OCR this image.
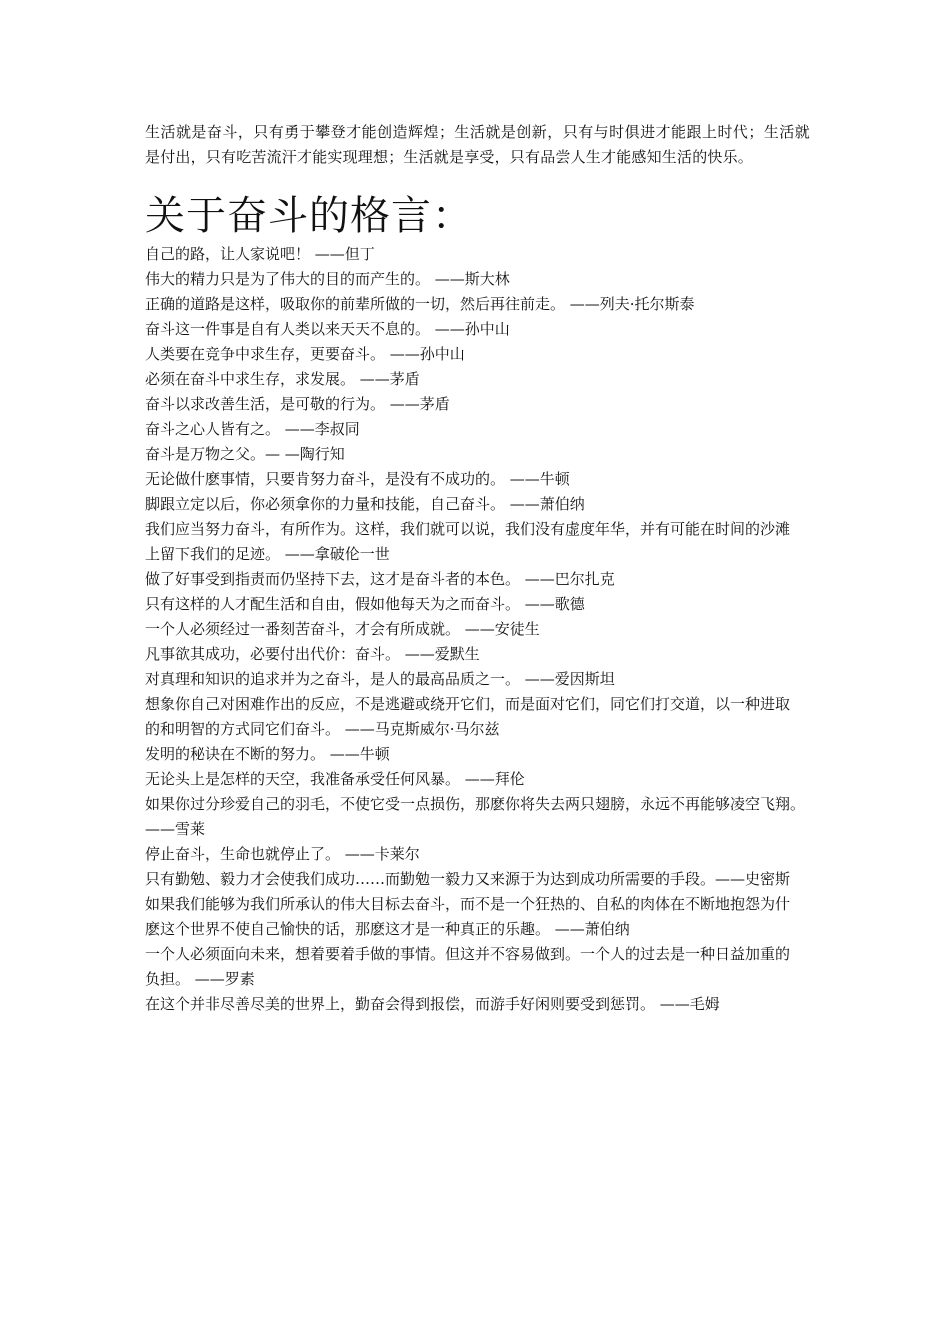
生活就是奋斗，只有勇于攀登才能创造辉煌；生活就是创新，只有与时俱进才能跟上时代；生活就是付出，只有吃苦流汗才能实现理想；生活就是享受，只有品尝人生才能感知生活的快乐。

关于奋斗的格言：
自己的路，让人家说吧！ ——但丁
伟大的精力只是为了伟大的目的而产生的。 ——斯大林
正确的道路是这样，吸取你的前辈所做的一切，然后再往前走。 ——列夫·托尔斯泰
奋斗这一件事是自有人类以来天天不息的。 ——孙中山
人类要在竞争中求生存，更要奋斗。 ——孙中山
必须在奋斗中求生存，求发展。 ——茅盾
奋斗以求改善生活，是可敬的行为。 ——茅盾
奋斗之心人皆有之。 ——李叔同
奋斗是万物之父。— —陶行知
无论做什麽事情，只要肯努力奋斗，是没有不成功的。 ——牛顿
脚跟立定以后，你必须拿你的力量和技能，自己奋斗。 ——萧伯纳
我们应当努力奋斗，有所作为。这样，我们就可以说，我们没有虚度年华，并有可能在时间的沙滩
上留下我们的足迹。 ——拿破伦一世
做了好事受到指责而仍坚持下去，这才是奋斗者的本色。 ——巴尔扎克
只有这样的人才配生活和自由，假如他每天为之而奋斗。 ——歌德
一个人必须经过一番刻苦奋斗，才会有所成就。 ——安徒生
凡事欲其成功，必要付出代价：奋斗。 ——爱默生
对真理和知识的追求并为之奋斗，是人的最高品质之一。 ——爱因斯坦
想象你自己对困难作出的反应，不是逃避或绕开它们，而是面对它们，同它们打交道，以一种进取
的和明智的方式同它们奋斗。 ——马克斯威尔·马尔兹
发明的秘诀在不断的努力。 ——牛顿
无论头上是怎样的天空，我准备承受任何风暴。 ——拜伦
如果你过分珍爱自己的羽毛，不使它受一点损伤，那麽你将失去两只翅膀，永远不再能够凌空飞翔。
——雪莱
停止奋斗，生命也就停止了。 ——卡莱尔
只有勤勉、毅力才会使我们成功……而勤勉一毅力又来源于为达到成功所需要的手段。——史密斯
如果我们能够为我们所承认的伟大目标去奋斗，而不是一个狂热的、自私的肉体在不断地抱怨为什
麽这个世界不使自己愉快的话，那麽这才是一种真正的乐趣。 ——萧伯纳
一个人必须面向未来，想着要着手做的事情。但这并不容易做到。一个人的过去是一种日益加重的
负担。 ——罗素
在这个并非尽善尽美的世界上，勤奋会得到报偿，而游手好闲则要受到惩罚。 ——毛姆
